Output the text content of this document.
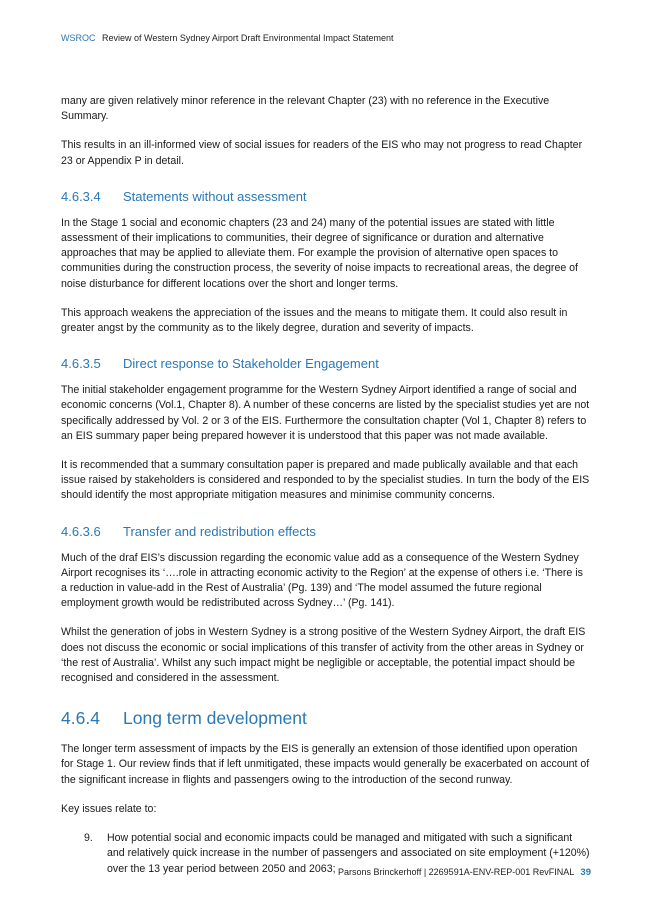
WSROC Review of Western Sydney Airport Draft Environmental Impact Statement

many are given relatively minor reference in the relevant Chapter (23) with no reference in the Executive Summary.

This results in an ill-informed view of social issues for readers of the EIS who may not progress to read Chapter 23 or Appendix P in detail.

4.6.3.4	Statements without assessment

In the Stage 1 social and economic chapters (23 and 24) many of the potential issues are stated with little assessment of their implications to communities, their degree of significance or duration and alternative approaches that may be applied to alleviate them. For example the provision of alternative open spaces to communities during the construction process, the severity of noise impacts to recreational areas, the degree of noise disturbance for different locations over the short and longer terms.

This approach weakens the appreciation of the issues and the means to mitigate them. It could also result in greater angst by the community as to the likely degree, duration and severity of impacts.

4.6.3.5	Direct response to Stakeholder Engagement

The initial stakeholder engagement programme for the Western Sydney Airport identified a range of social and economic concerns (Vol.1, Chapter 8). A number of these concerns are listed by the specialist studies yet are not specifically addressed by Vol. 2 or 3 of the EIS. Furthermore the consultation chapter (Vol 1, Chapter 8) refers to an EIS summary paper being prepared however it is understood that this paper was not made available.

It is recommended that a summary consultation paper is prepared and made publically available and that each issue raised by stakeholders is considered and responded to by the specialist studies. In turn the body of the EIS should identify the most appropriate mitigation measures and minimise community concerns.

4.6.3.6	Transfer and redistribution effects

Much of the draf EIS’s discussion regarding the economic value add as a consequence of the Western Sydney Airport recognises its ‘….role in attracting economic activity to the Region’ at the expense of others i.e. ‘There is a reduction in value-add in the Rest of Australia’ (Pg. 139) and ‘The model assumed the future regional employment growth would be redistributed across Sydney…’ (Pg. 141).

Whilst the generation of jobs in Western Sydney is a strong positive of the Western Sydney Airport, the draft EIS does not discuss the economic or social implications of this transfer of activity from the other areas in Sydney or ‘the rest of Australia’. Whilst any such impact might be negligible or acceptable, the potential impact should be recognised and considered in the assessment.

4.6.4	Long term development

The longer term assessment of impacts by the EIS is generally an extension of those identified upon operation for Stage 1. Our review finds that if left unmitigated, these impacts would generally be exacerbated on account of the significant increase in flights and passengers owing to the introduction of the second runway.

Key issues relate to:

9.	How potential social and economic impacts could be managed and mitigated with such a significant and relatively quick increase in the number of passengers and associated on site employment (+120%) over the 13 year period between 2050 and 2063; Parsons Brinckerhoff | 2269591A-ENV-REP-001 RevFINAL 39
